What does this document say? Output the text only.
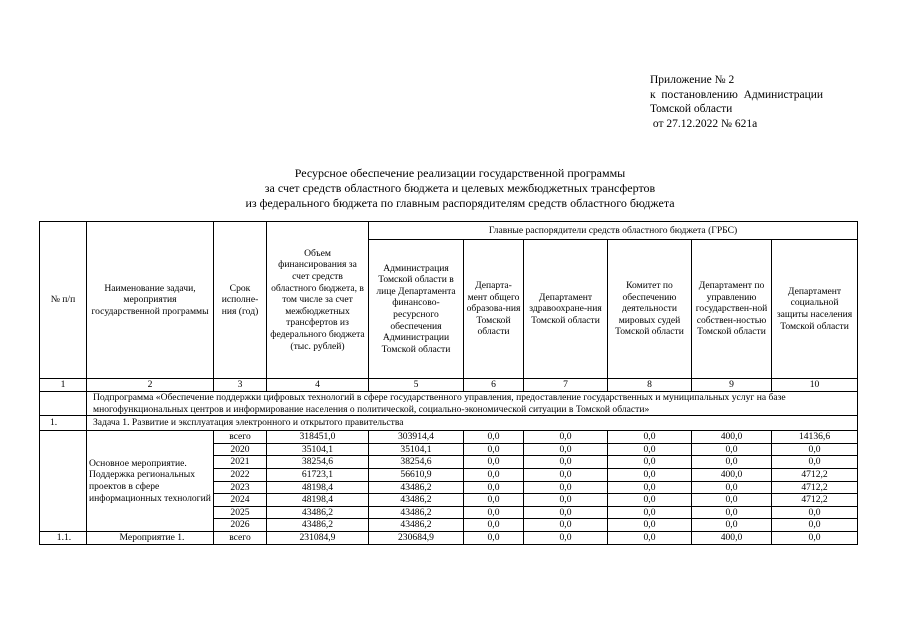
Приложение № 2
к  постановлению  Администрации
Томской области
от 27.12.2022 № 621а
Ресурсное обеспечение реализации государственной программы
за счет средств областного бюджета и целевых межбюджетных трансфертов
из федерального бюджета по главным распорядителям средств областного бюджета
№ п/п	Наименование задачи, мероприятия государственной программы	Срок исполне-ния (год)	Объем финансирования за счет средств областного бюджета, в том числе за счет межбюджетных трансфертов из федерального бюджета (тыс. рублей)	Главные распорядители средств областного бюджета (ГРБС)					
				Администрация Томской области в лице Департамента финансово-ресурсного обеспечения Администрации Томской области	Департа-мент общего образова-ния Томской области	Департамент здравоохране-ния Томской области	Комитет по обеспечению деятельности мировых судей Томской области	Департамент по управлению государствен-ной собствен-ностью Томской области	Департамент социальной защиты населения Томской области
1	2	3	4	5	6	7	8	9	10
	Подпрограмма «Обеспечение поддержки цифровых технологий в сфере государственного управления, предоставление государственных и муниципальных услуг на базе многофункциональных центров и информирование населения о политической, социально-экономической ситуации в Томской области»								
1.	Задача 1. Развитие и эксплуатация электронного и открытого правительства								
	Основное мероприятие. Поддержка региональных проектов в сфере информационных технологий	всего	318451,0	303914,4	0,0	0,0	0,0	400,0	14136,6
		2020	35104,1	35104,1	0,0	0,0	0,0	0,0	0,0
		2021	38254,6	38254,6	0,0	0,0	0,0	0,0	0,0
		2022	61723,1	56610,9	0,0	0,0	0,0	400,0	4712,2
		2023	48198,4	43486,2	0,0	0,0	0,0	0,0	4712,2
		2024	48198,4	43486,2	0,0	0,0	0,0	0,0	4712,2
		2025	43486,2	43486,2	0,0	0,0	0,0	0,0	0,0
		2026	43486,2	43486,2	0,0	0,0	0,0	0,0	0,0
1.1.	Мероприятие 1.	всего	231084,9	230684,9	0,0	0,0	0,0	400,0	0,0
